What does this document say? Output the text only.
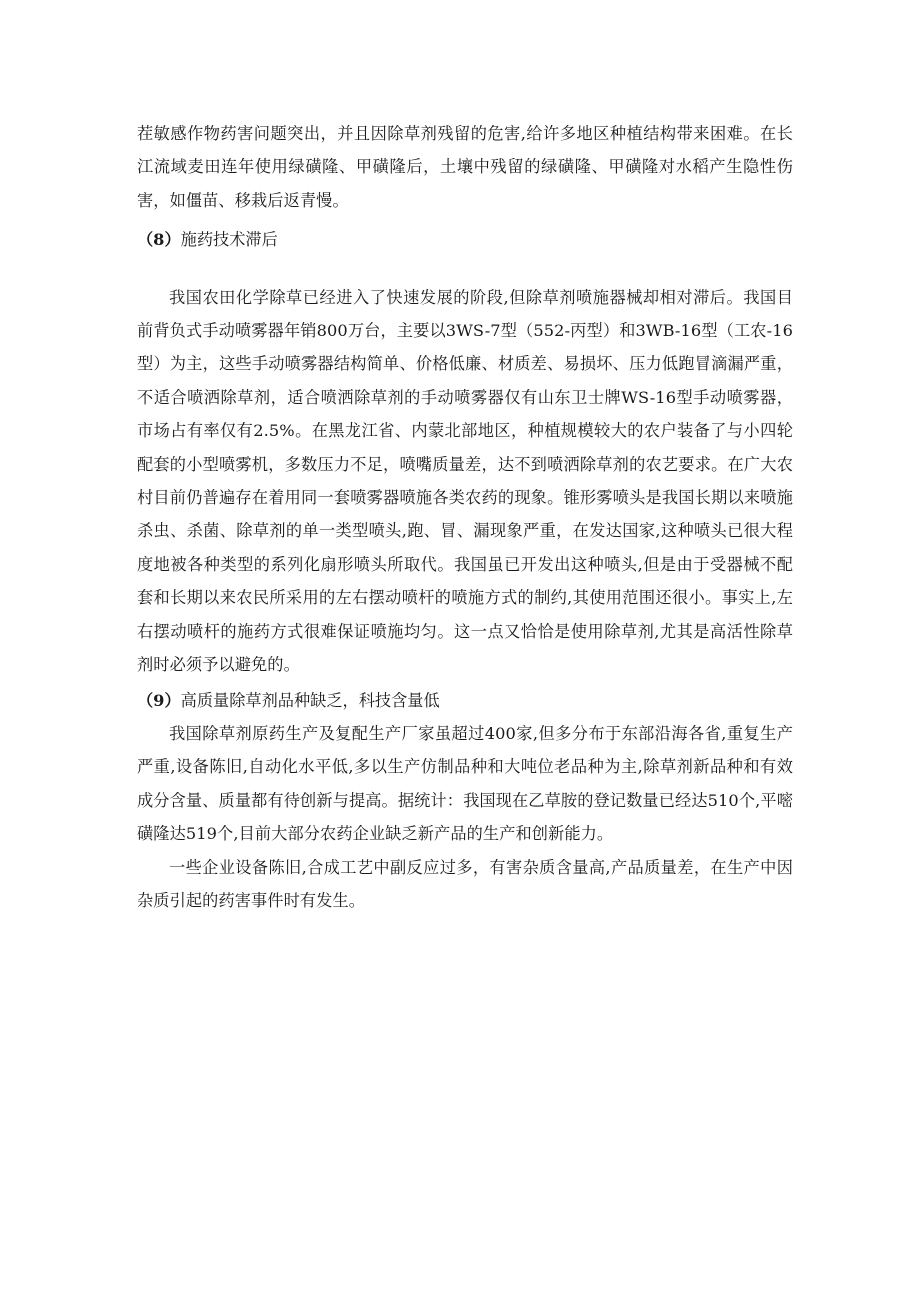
茬敏感作物药害问题突出，并且因除草剂残留的危害,给许多地区种植结构带来困难。在长江流域麦田连年使用绿磺隆、甲磺隆后，土壤中残留的绿磺隆、甲磺隆对水稻产生隐性伤害，如僵苗、移栽后返青慢。

（8）施药技术滞后

我国农田化学除草已经进入了快速发展的阶段,但除草剂喷施器械却相对滞后。我国目前背负式手动喷雾器年销800万台，主要以3WS-7型（552-丙型）和3WB-16型（工农-16型）为主，这些手动喷雾器结构简单、价格低廉、材质差、易损坏、压力低跑冒滴漏严重，不适合喷洒除草剂，适合喷洒除草剂的手动喷雾器仅有山东卫士牌WS-16型手动喷雾器，市场占有率仅有2.5%。在黑龙江省、内蒙北部地区，种植规模较大的农户装备了与小四轮配套的小型喷雾机，多数压力不足，喷嘴质量差，达不到喷洒除草剂的农艺要求。在广大农村目前仍普遍存在着用同一套喷雾器喷施各类农药的现象。锥形雾喷头是我国长期以来喷施杀虫、杀菌、除草剂的单一类型喷头,跑、冒、漏现象严重，在发达国家,这种喷头已很大程度地被各种类型的系列化扇形喷头所取代。我国虽已开发出这种喷头,但是由于受器械不配套和长期以来农民所采用的左右摆动喷杆的喷施方式的制约,其使用范围还很小。事实上,左右摆动喷杆的施药方式很难保证喷施均匀。这一点又恰恰是使用除草剂,尤其是高活性除草剂时必须予以避免的。

（9）高质量除草剂品种缺乏，科技含量低

我国除草剂原药生产及复配生产厂家虽超过400家,但多分布于东部沿海各省,重复生产严重,设备陈旧,自动化水平低,多以生产仿制品种和大吨位老品种为主,除草剂新品种和有效成分含量、质量都有待创新与提高。据统计：我国现在乙草胺的登记数量已经达510个,平嘧磺隆达519个,目前大部分农药企业缺乏新产品的生产和创新能力。

一些企业设备陈旧,合成工艺中副反应过多，有害杂质含量高,产品质量差，在生产中因杂质引起的药害事件时有发生。
